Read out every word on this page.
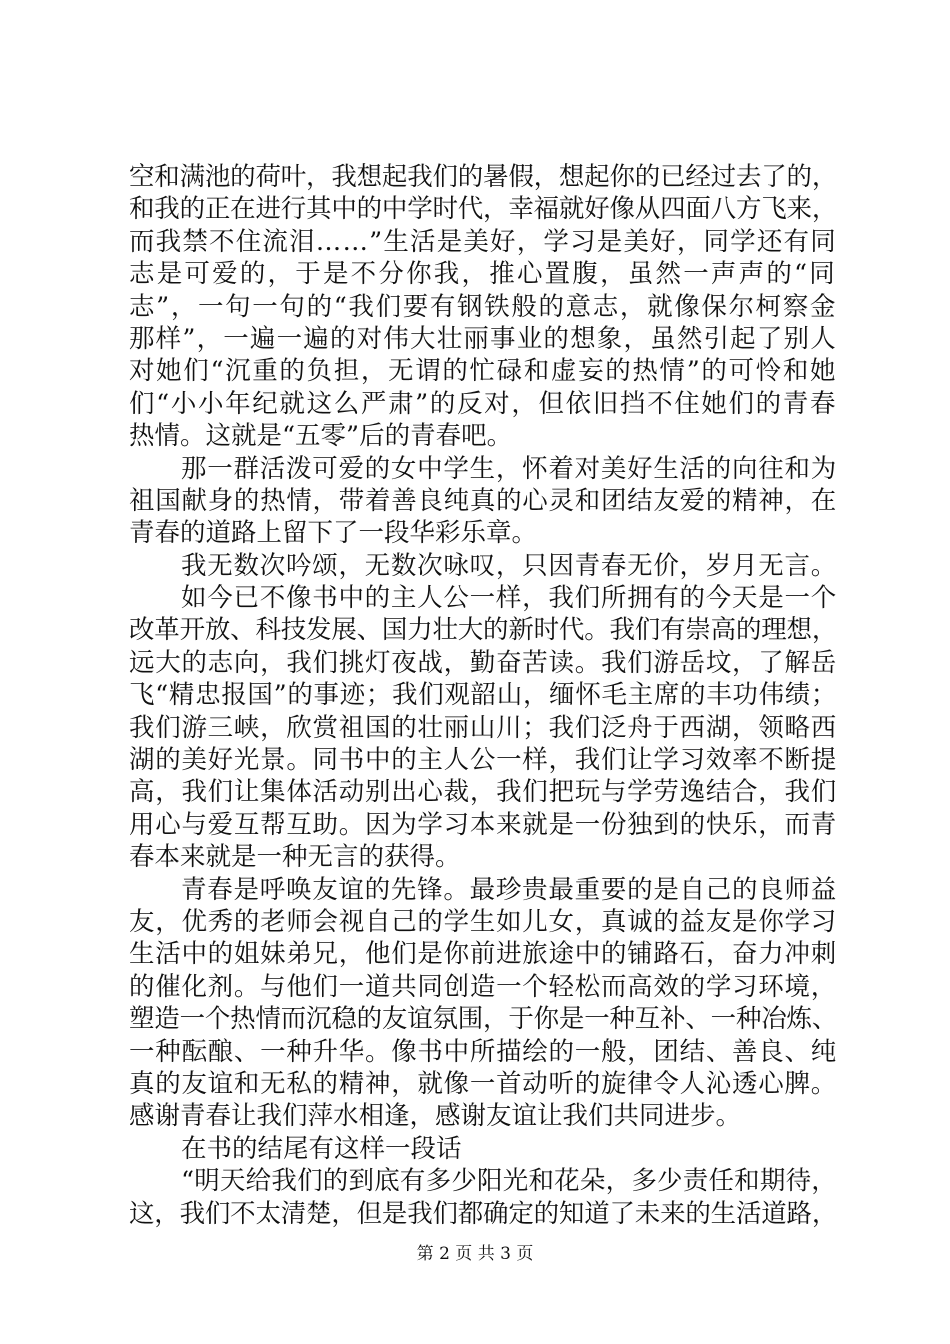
空和满池的荷叶，我想起我们的暑假，想起你的已经过去了的，
和我的正在进行其中的中学时代，幸福就好像从四面八方飞来，
而我禁不住流泪……”生活是美好，学习是美好，同学还有同
志是可爱的，于是不分你我，推心置腹，虽然一声声的“同
志”，一句一句的“我们要有钢铁般的意志，就像保尔柯察金
那样”，一遍一遍的对伟大壮丽事业的想象，虽然引起了别人
对她们“沉重的负担，无谓的忙碌和虚妄的热情”的可怜和她
们“小小年纪就这么严肃”的反对，但依旧挡不住她们的青春
热情。这就是“五零”后的青春吧。
那一群活泼可爱的女中学生，怀着对美好生活的向往和为
祖国献身的热情，带着善良纯真的心灵和团结友爱的精神，在
青春的道路上留下了一段华彩乐章。
我无数次吟颂，无数次咏叹，只因青春无价，岁月无言。
如今已不像书中的主人公一样，我们所拥有的今天是一个
改革开放、科技发展、国力壮大的新时代。我们有崇高的理想，
远大的志向，我们挑灯夜战，勤奋苦读。我们游岳坟，了解岳
飞“精忠报国”的事迹；我们观韶山，缅怀毛主席的丰功伟绩；
我们游三峡，欣赏祖国的壮丽山川；我们泛舟于西湖，领略西
湖的美好光景。同书中的主人公一样，我们让学习效率不断提
高，我们让集体活动别出心裁，我们把玩与学劳逸结合，我们
用心与爱互帮互助。因为学习本来就是一份独到的快乐，而青
春本来就是一种无言的获得。
青春是呼唤友谊的先锋。最珍贵最重要的是自己的良师益
友，优秀的老师会视自己的学生如儿女，真诚的益友是你学习
生活中的姐妹弟兄，他们是你前进旅途中的铺路石，奋力冲刺
的催化剂。与他们一道共同创造一个轻松而高效的学习环境，
塑造一个热情而沉稳的友谊氛围，于你是一种互补、一种冶炼、
一种酝酿、一种升华。像书中所描绘的一般，团结、善良、纯
真的友谊和无私的精神，就像一首动听的旋律令人沁透心脾。
感谢青春让我们萍水相逢，感谢友谊让我们共同进步。
在书的结尾有这样一段话
“明天给我们的到底有多少阳光和花朵，多少责任和期待，
这，我们不太清楚，但是我们都确定的知道了未来的生活道路，
第 2 页 共 3 页
